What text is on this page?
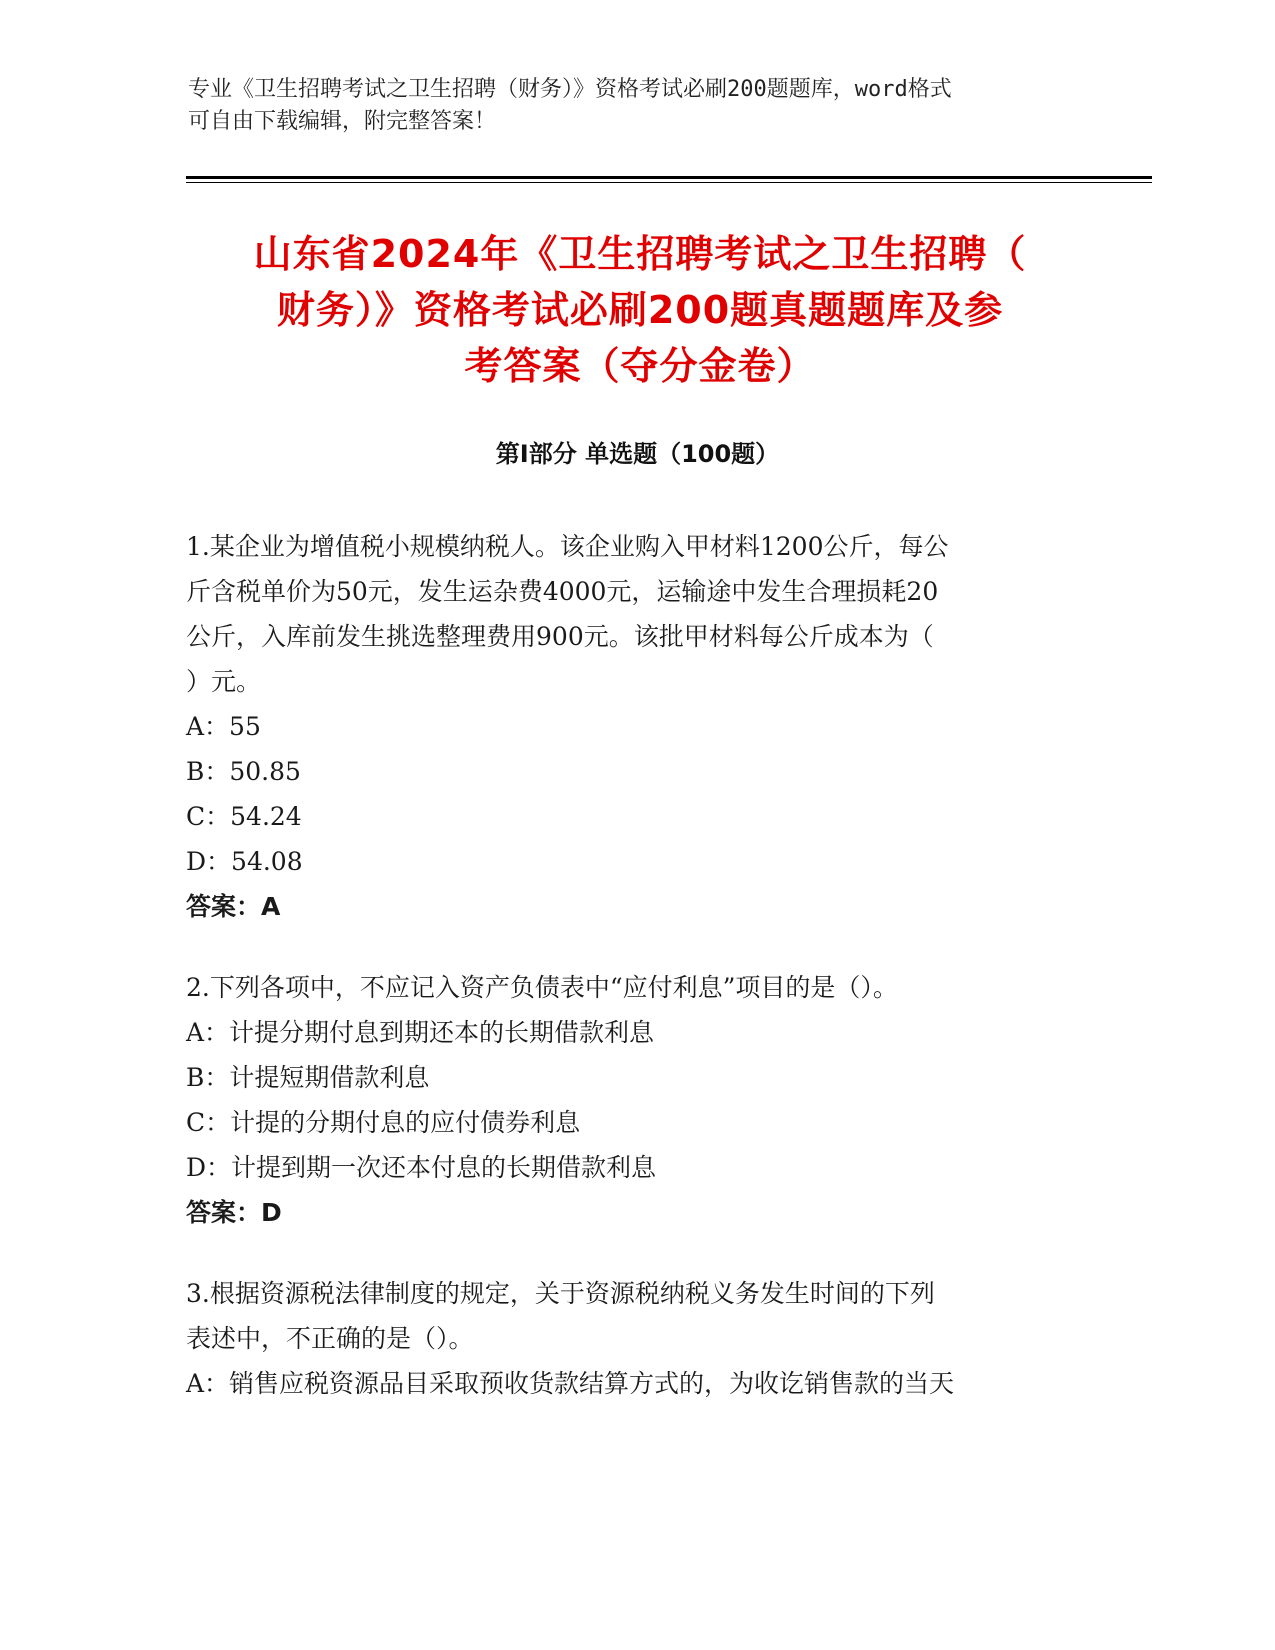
专业《卫生招聘考试之卫生招聘（财务）》资格考试必刷200题题库，word格式
可自由下载编辑，附完整答案！
山东省2024年《卫生招聘考试之卫生招聘（
财务）》资格考试必刷200题真题题库及参
考答案（夺分金卷）
第Ⅰ部分 单选题（100题）
1.某企业为增值税小规模纳税人。该企业购入甲材料1200公斤，每公
斤含税单价为50元，发生运杂费4000元，运输途中发生合理损耗20
公斤，入库前发生挑选整理费用900元。该批甲材料每公斤成本为（
）元。
A：55
B：50.85
C：54.24
D：54.08
答案：A
2.下列各项中，不应记入资产负债表中“应付利息”项目的是（）。
A：计提分期付息到期还本的长期借款利息
B：计提短期借款利息
C：计提的分期付息的应付债券利息
D：计提到期一次还本付息的长期借款利息
答案：D
3.根据资源税法律制度的规定，关于资源税纳税义务发生时间的下列
表述中，不正确的是（）。
A：销售应税资源品目采取预收货款结算方式的，为收讫销售款的当天
